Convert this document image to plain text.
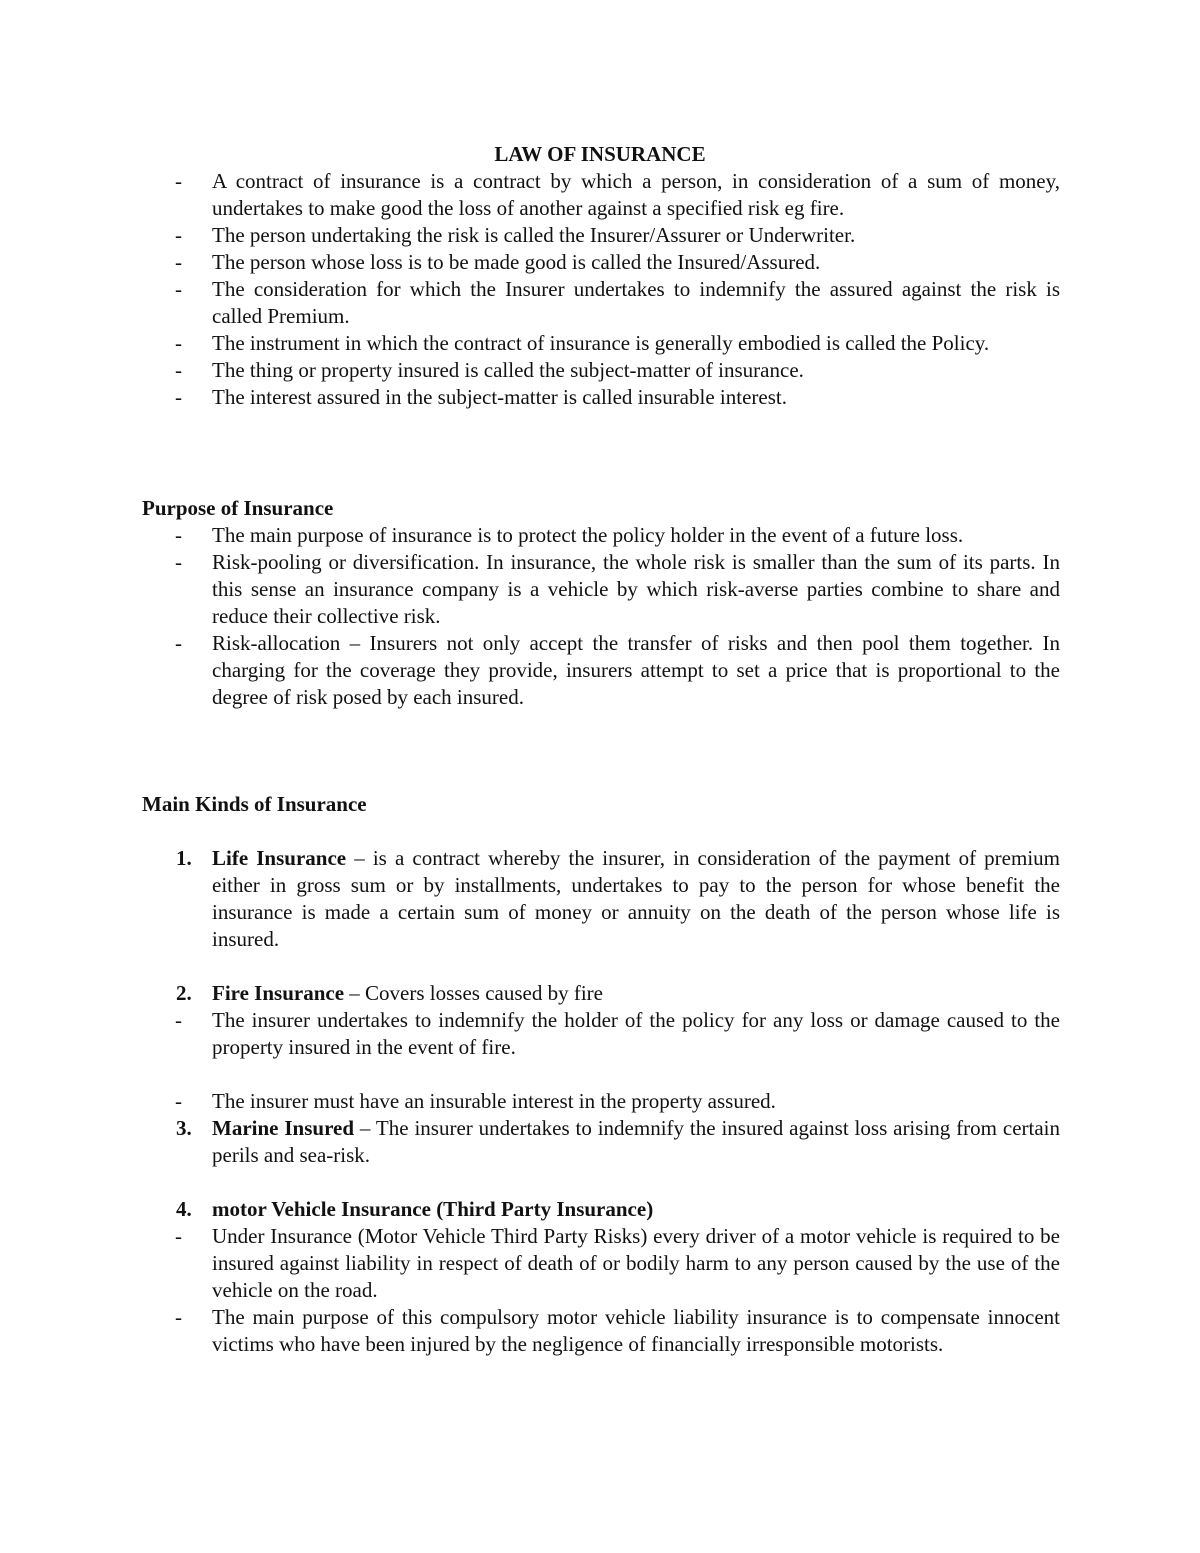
LAW OF INSURANCE
- A contract of insurance is a contract by which a person, in consideration of a sum of money, undertakes to make good the loss of another against a specified risk eg fire.
- The person undertaking the risk is called the Insurer/Assurer or Underwriter.
- The person whose loss is to be made good is called the Insured/Assured.
- The consideration for which the Insurer undertakes to indemnify the assured against the risk is called Premium.
- The instrument in which the contract of insurance is generally embodied is called the Policy.
- The thing or property insured is called the subject-matter of insurance.
- The interest assured in the subject-matter is called insurable interest.
Purpose of Insurance
- The main purpose of insurance is to protect the policy holder in the event of a future loss.
- Risk-pooling or diversification. In insurance, the whole risk is smaller than the sum of its parts. In this sense an insurance company is a vehicle by which risk-averse parties combine to share and reduce their collective risk.
- Risk-allocation – Insurers not only accept the transfer of risks and then pool them together. In charging for the coverage they provide, insurers attempt to set a price that is proportional to the degree of risk posed by each insured.
Main Kinds of Insurance
1. Life Insurance – is a contract whereby the insurer, in consideration of the payment of premium either in gross sum or by installments, undertakes to pay to the person for whose benefit the insurance is made a certain sum of money or annuity on the death of the person whose life is insured.
2. Fire Insurance – Covers losses caused by fire
- The insurer undertakes to indemnify the holder of the policy for any loss or damage caused to the property insured in the event of fire.
- The insurer must have an insurable interest in the property assured.
3. Marine Insured – The insurer undertakes to indemnify the insured against loss arising from certain perils and sea-risk.
4. motor Vehicle Insurance (Third Party Insurance)
- Under Insurance (Motor Vehicle Third Party Risks) every driver of a motor vehicle is required to be insured against liability in respect of death of or bodily harm to any person caused by the use of the vehicle on the road.
- The main purpose of this compulsory motor vehicle liability insurance is to compensate innocent victims who have been injured by the negligence of financially irresponsible motorists.
